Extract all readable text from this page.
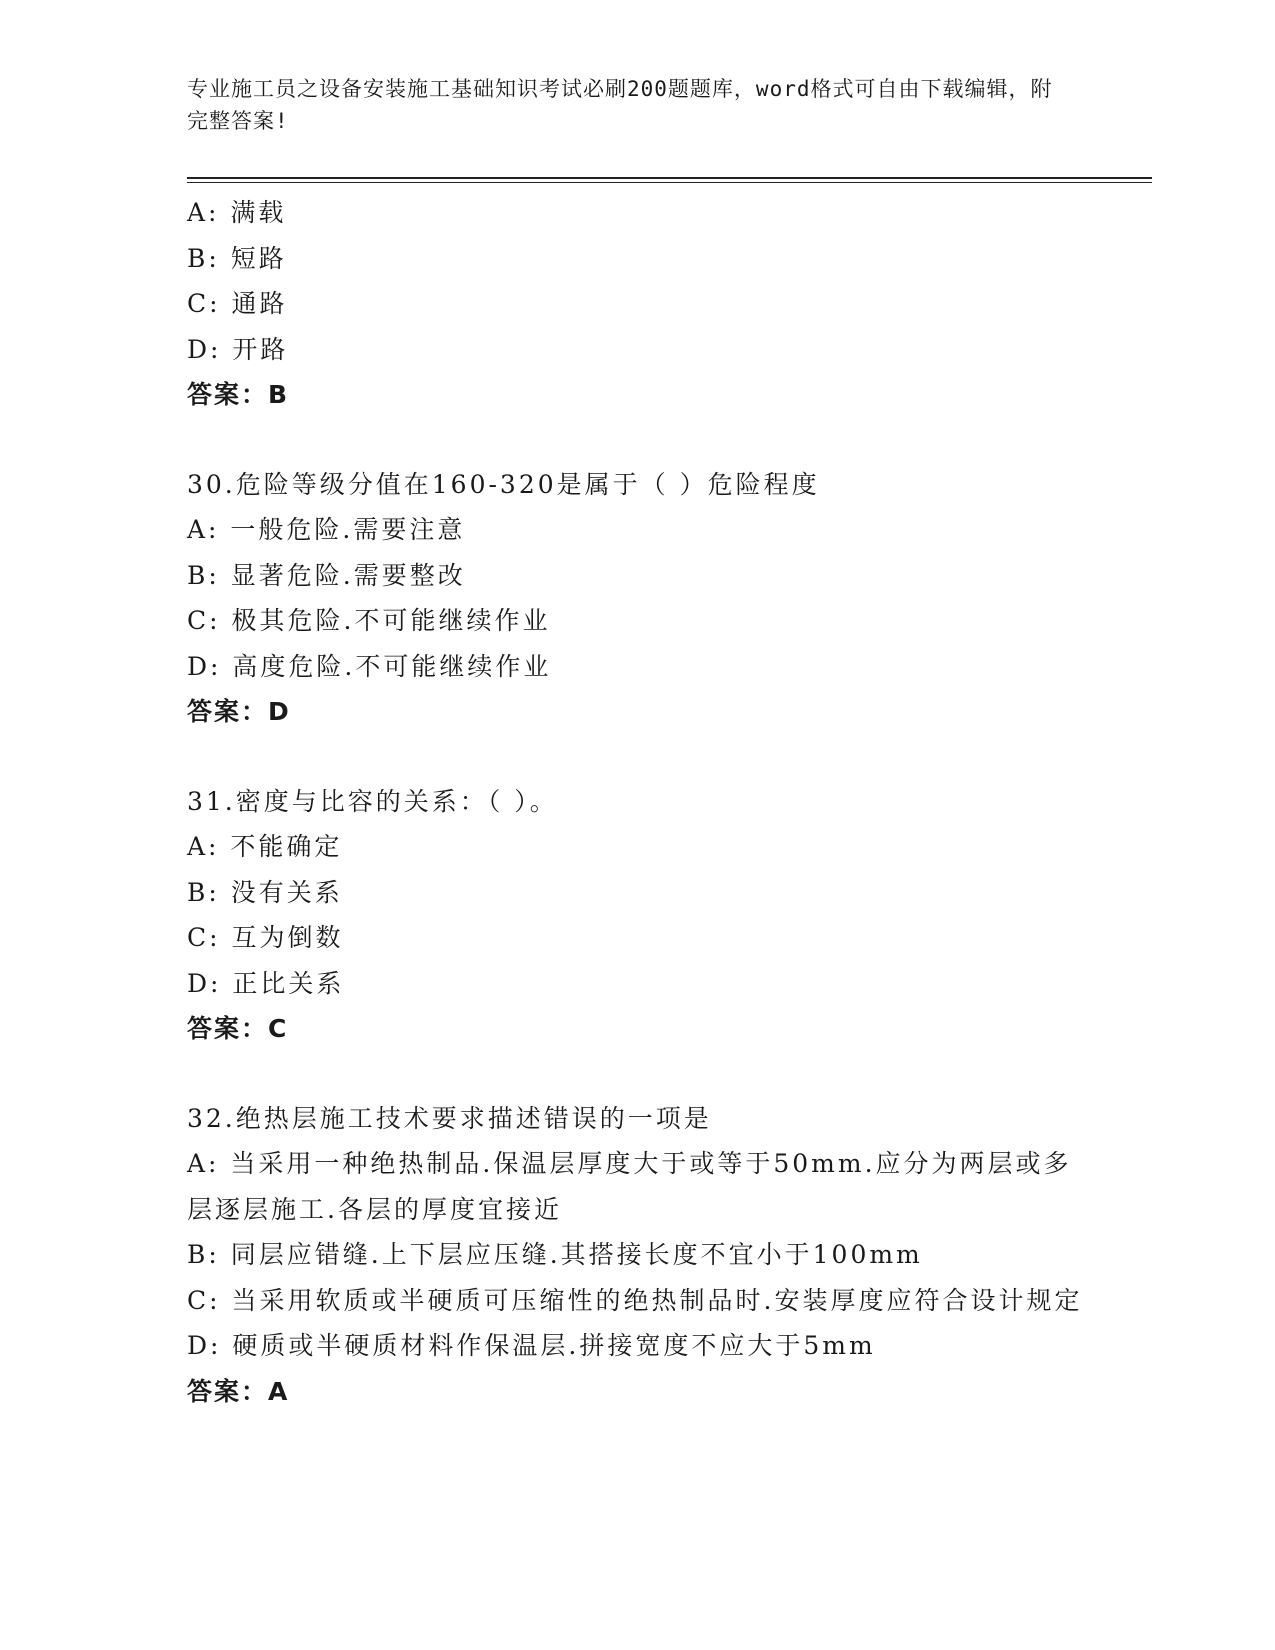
专业施工员之设备安装施工基础知识考试必刷200题题库，word格式可自由下载编辑，附完整答案!
A: 满载
B: 短路
C: 通路
D: 开路
答案：B
30.危险等级分值在160-320是属于（ ）危险程度
A: 一般危险.需要注意
B: 显著危险.需要整改
C: 极其危险.不可能继续作业
D: 高度危险.不可能继续作业
答案：D
31.密度与比容的关系：（ ）。
A: 不能确定
B: 没有关系
C: 互为倒数
D: 正比关系
答案：C
32.绝热层施工技术要求描述错误的一项是
A: 当采用一种绝热制品.保温层厚度大于或等于50mm.应分为两层或多层逐层施工.各层的厚度宜接近
B: 同层应错缝.上下层应压缝.其搭接长度不宜小于100mm
C: 当采用软质或半硬质可压缩性的绝热制品时.安装厚度应符合设计规定
D: 硬质或半硬质材料作保温层.拼接宽度不应大于5mm
答案：A
